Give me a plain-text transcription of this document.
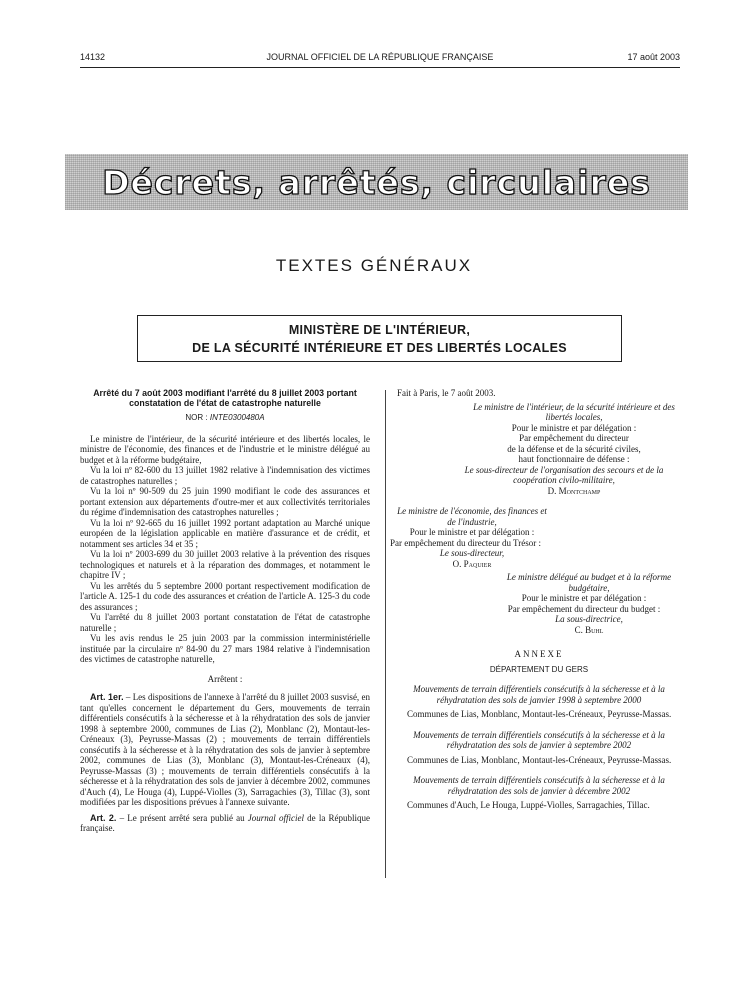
14132	JOURNAL OFFICIEL DE LA RÉPUBLIQUE FRANÇAISE	17 août 2003
Décrets, arrêtés, circulaires
TEXTES GÉNÉRAUX
MINISTÈRE DE L'INTÉRIEUR,
DE LA SÉCURITÉ INTÉRIEURE ET DES LIBERTÉS LOCALES
Arrêté du 7 août 2003 modifiant l'arrêté du 8 juillet 2003 portant constatation de l'état de catastrophe naturelle
NOR : INTE0300480A
Le ministre de l'intérieur, de la sécurité intérieure et des libertés locales, le ministre de l'économie, des finances et de l'industrie et le ministre délégué au budget et à la réforme budgétaire,
Vu la loi nº 82-600 du 13 juillet 1982 relative à l'indemnisation des victimes de catastrophes naturelles ;
Vu la loi nº 90-509 du 25 juin 1990 modifiant le code des assurances et portant extension aux départements d'outre-mer et aux collectivités territoriales du régime d'indemnisation des catastrophes naturelles ;
Vu la loi nº 92-665 du 16 juillet 1992 portant adaptation au Marché unique européen de la législation applicable en matière d'assurance et de crédit, et notamment ses articles 34 et 35 ;
Vu la loi nº 2003-699 du 30 juillet 2003 relative à la prévention des risques technologiques et naturels et à la réparation des dommages, et notamment le chapitre IV ;
Vu les arrêtés du 5 septembre 2000 portant respectivement modification de l'article A. 125-1 du code des assurances et création de l'article A. 125-3 du code des assurances ;
Vu l'arrêté du 8 juillet 2003 portant constatation de l'état de catastrophe naturelle ;
Vu les avis rendus le 25 juin 2003 par la commission interministérielle instituée par la circulaire nº 84-90 du 27 mars 1984 relative à l'indemnisation des victimes de catastrophe naturelle,
Arrêtent :
Art. 1er. – Les dispositions de l'annexe à l'arrêté du 8 juillet 2003 susvisé, en tant qu'elles concernent le département du Gers, mouvements de terrain différentiels consécutifs à la sécheresse et à la réhydratation des sols de janvier 1998 à septembre 2000, communes de Lias (2), Monblanc (2), Montaut-les-Créneaux (3), Peyrusse-Massas (2) ; mouvements de terrain différentiels consécutifs à la sécheresse et à la réhydratation des sols de janvier à septembre 2002, communes de Lias (3), Monblanc (3), Montaut-les-Créneaux (4), Peyrusse-Massas (3) ; mouvements de terrain différentiels consécutifs à la sécheresse et à la réhydratation des sols de janvier à décembre 2002, communes d'Auch (4), Le Houga (4), Luppé-Violles (3), Sarragachies (3), Tillac (3), sont modifiées par les dispositions prévues à l'annexe suivante.
Art. 2. – Le présent arrêté sera publié au Journal officiel de la République française.
Fait à Paris, le 7 août 2003.
Le ministre de l'intérieur, de la sécurité intérieure et des libertés locales,
Pour le ministre et par délégation :
Par empêchement du directeur
de la défense et de la sécurité civiles,
haut fonctionnaire de défense :
Le sous-directeur de l'organisation des secours et de la coopération civilo-militaire,
D. Montchamp
Le ministre de l'économie, des finances et de l'industrie,
Pour le ministre et par délégation :
Par empêchement du directeur du Trésor :
Le sous-directeur,
O. Paquier
Le ministre délégué au budget et à la réforme budgétaire,
Pour le ministre et par délégation :
Par empêchement du directeur du budget :
La sous-directrice,
C. Buhl
ANNEXE
DÉPARTEMENT DU GERS
Mouvements de terrain différentiels consécutifs à la sécheresse et à la réhydratation des sols de janvier 1998 à septembre 2000
Communes de Lias, Monblanc, Montaut-les-Créneaux, Peyrusse-Massas.
Mouvements de terrain différentiels consécutifs à la sécheresse et à la réhydratation des sols de janvier à septembre 2002
Communes de Lias, Monblanc, Montaut-les-Créneaux, Peyrusse-Massas.
Mouvements de terrain différentiels consécutifs à la sécheresse et à la réhydratation des sols de janvier à décembre 2002
Communes d'Auch, Le Houga, Luppé-Violles, Sarragachies, Tillac.
